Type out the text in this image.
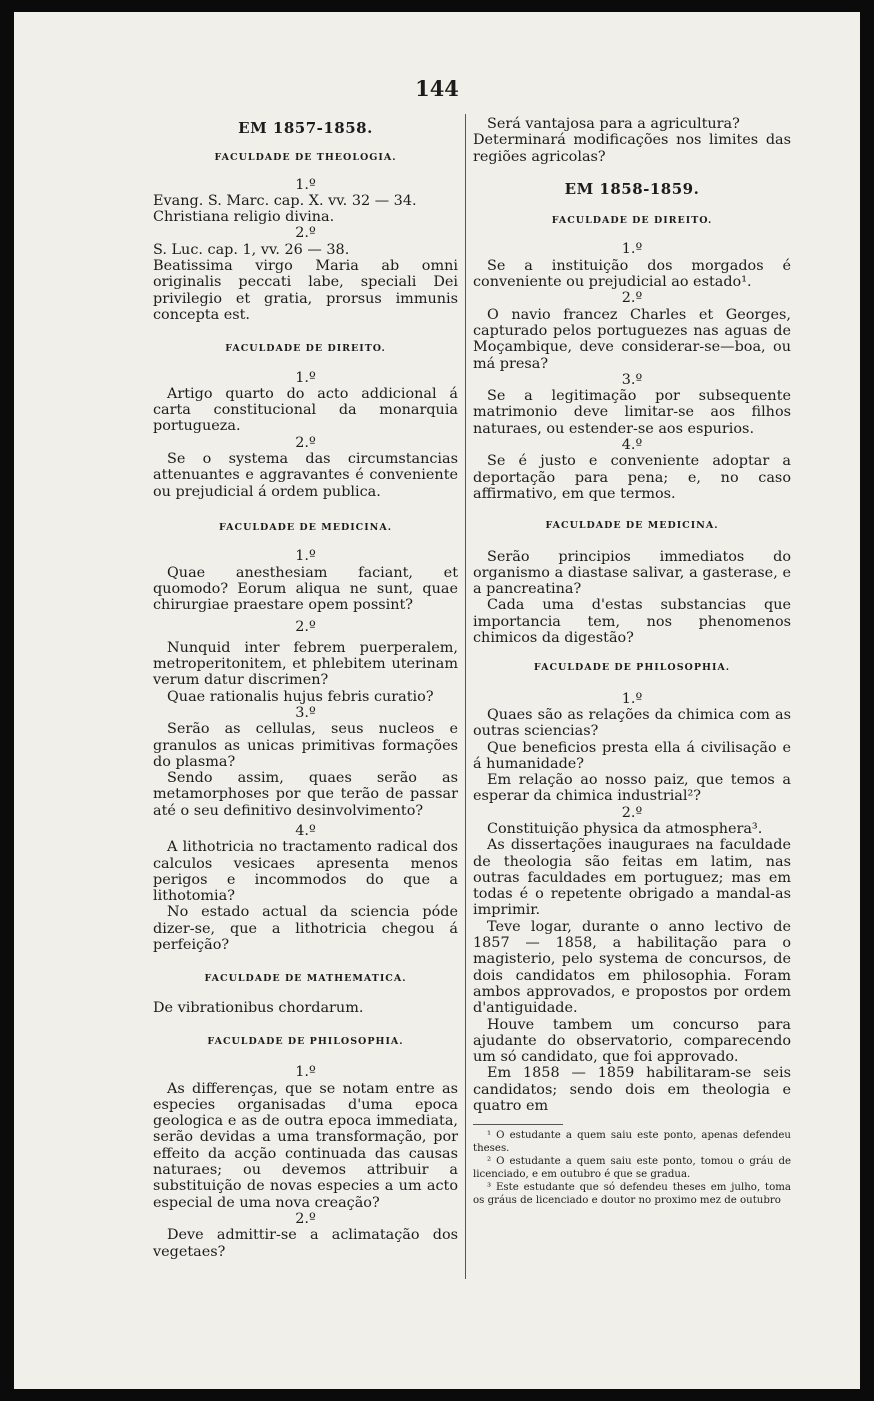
144
EM 1857-1858.
FACULDADE DE THEOLOGIA.
1.º

Evang. S. Marc. cap. X. vv. 32 — 34.
Christiana religio divina.

2.º

S. Luc. cap. 1, vv. 26 — 38.
Beatissima virgo Maria ab omni originalis peccati labe, speciali Dei privilegio et gratia, prorsus immunis concepta est.

FACULDADE DE DIREITO.
1.º

Artigo quarto do acto addicional á carta constitucional da monarquia portugueza.

2.º

Se o systema das circumstancias attenuantes e aggravantes é conveniente ou prejudicial á ordem publica.

FACULDADE DE MEDICINA.
1.º

Quae anesthesiam faciant, et quomodo? Eorum aliqua ne sunt, quae chirurgiae praestare opem possint?

2.º

Nunquid inter febrem puerperalem, metroperitonitem, et phlebitem uterinam verum datur discrimen?

Quae rationalis hujus febris curatio?

3.º

Serão as cellulas, seus nucleos e granulos as unicas primitivas formações do plasma?

Sendo assim, quaes serão as metamorphoses por que terão de passar até o seu definitivo desinvolvimento?

4.º

A lithotricia no tractamento radical dos calculos vesicaes apresenta menos perigos e incommodos do que a lithotomia?

No estado actual da sciencia póde dizer-se, que a lithotricia chegou á perfeição?

FACULDADE DE MATHEMATICA.

De vibrationibus chordarum.

FACULDADE DE PHILOSOPHIA.
1.º

As differenças, que se notam entre as especies organisadas d'uma epoca geologica e as de outra epoca immediata, serão devidas a uma transformação, por effeito da acção continuada das causas naturaes; ou devemos attribuir a substituição de novas especies a um acto especial de uma nova creação?

2.º

Deve admittir-se a aclimatação dos vegetaes?

Será vantajosa para a agricultura?
Determinará modificações nos limites das regiões agricolas?

EM 1858-1859.
FACULDADE DE DIREITO.
1.º

Se a instituição dos morgados é conveniente ou prejudicial ao estado¹.

2.º

O navio francez Charles et Georges, capturado pelos portuguezes nas aguas de Moçambique, deve considerar-se—boa, ou má presa?

3.º

Se a legitimação por subsequente matrimonio deve limitar-se aos filhos naturaes, ou estender-se aos espurios.

4.º

Se é justo e conveniente adoptar a deportação para pena; e, no caso affirmativo, em que termos.

FACULDADE DE MEDICINA.

Serão principios immediatos do organismo a diastase salivar, a gasterase, e a pancreatina?

Cada uma d'estas substancias que importancia tem, nos phenomenos chimicos da digestão?

FACULDADE DE PHILOSOPHIA.
1.º

Quaes são as relações da chimica com as outras sciencias?

Que beneficios presta ella á civilisação e á humanidade?

Em relação ao nosso paiz, que temos a esperar da chimica industrial²?

2.º

Constituição physica da atmosphera³.

As dissertações inauguraes na faculdade de theologia são feitas em latim, nas outras faculdades em portuguez; mas em todas é o repetente obrigado a mandal-as imprimir.

Teve logar, durante o anno lectivo de 1857 — 1858, a habilitação para o magisterio, pelo systema de concursos, de dois candidatos em philosophia. Foram ambos approvados, e propostos por ordem d'antiguidade.

Houve tambem um concurso para ajudante do observatorio, comparecendo um só candidato, que foi approvado.

Em 1858 — 1859 habilitaram-se seis candidatos; sendo dois em theologia e quatro em

¹ O estudante a quem saiu este ponto, apenas defendeu theses.

² O estudante a quem saiu este ponto, tomou o gráu de licenciado, e em outubro é que se gradua.

³ Este estudante que só defendeu theses em julho, toma os gráus de licenciado e doutor no proximo mez de outubro
